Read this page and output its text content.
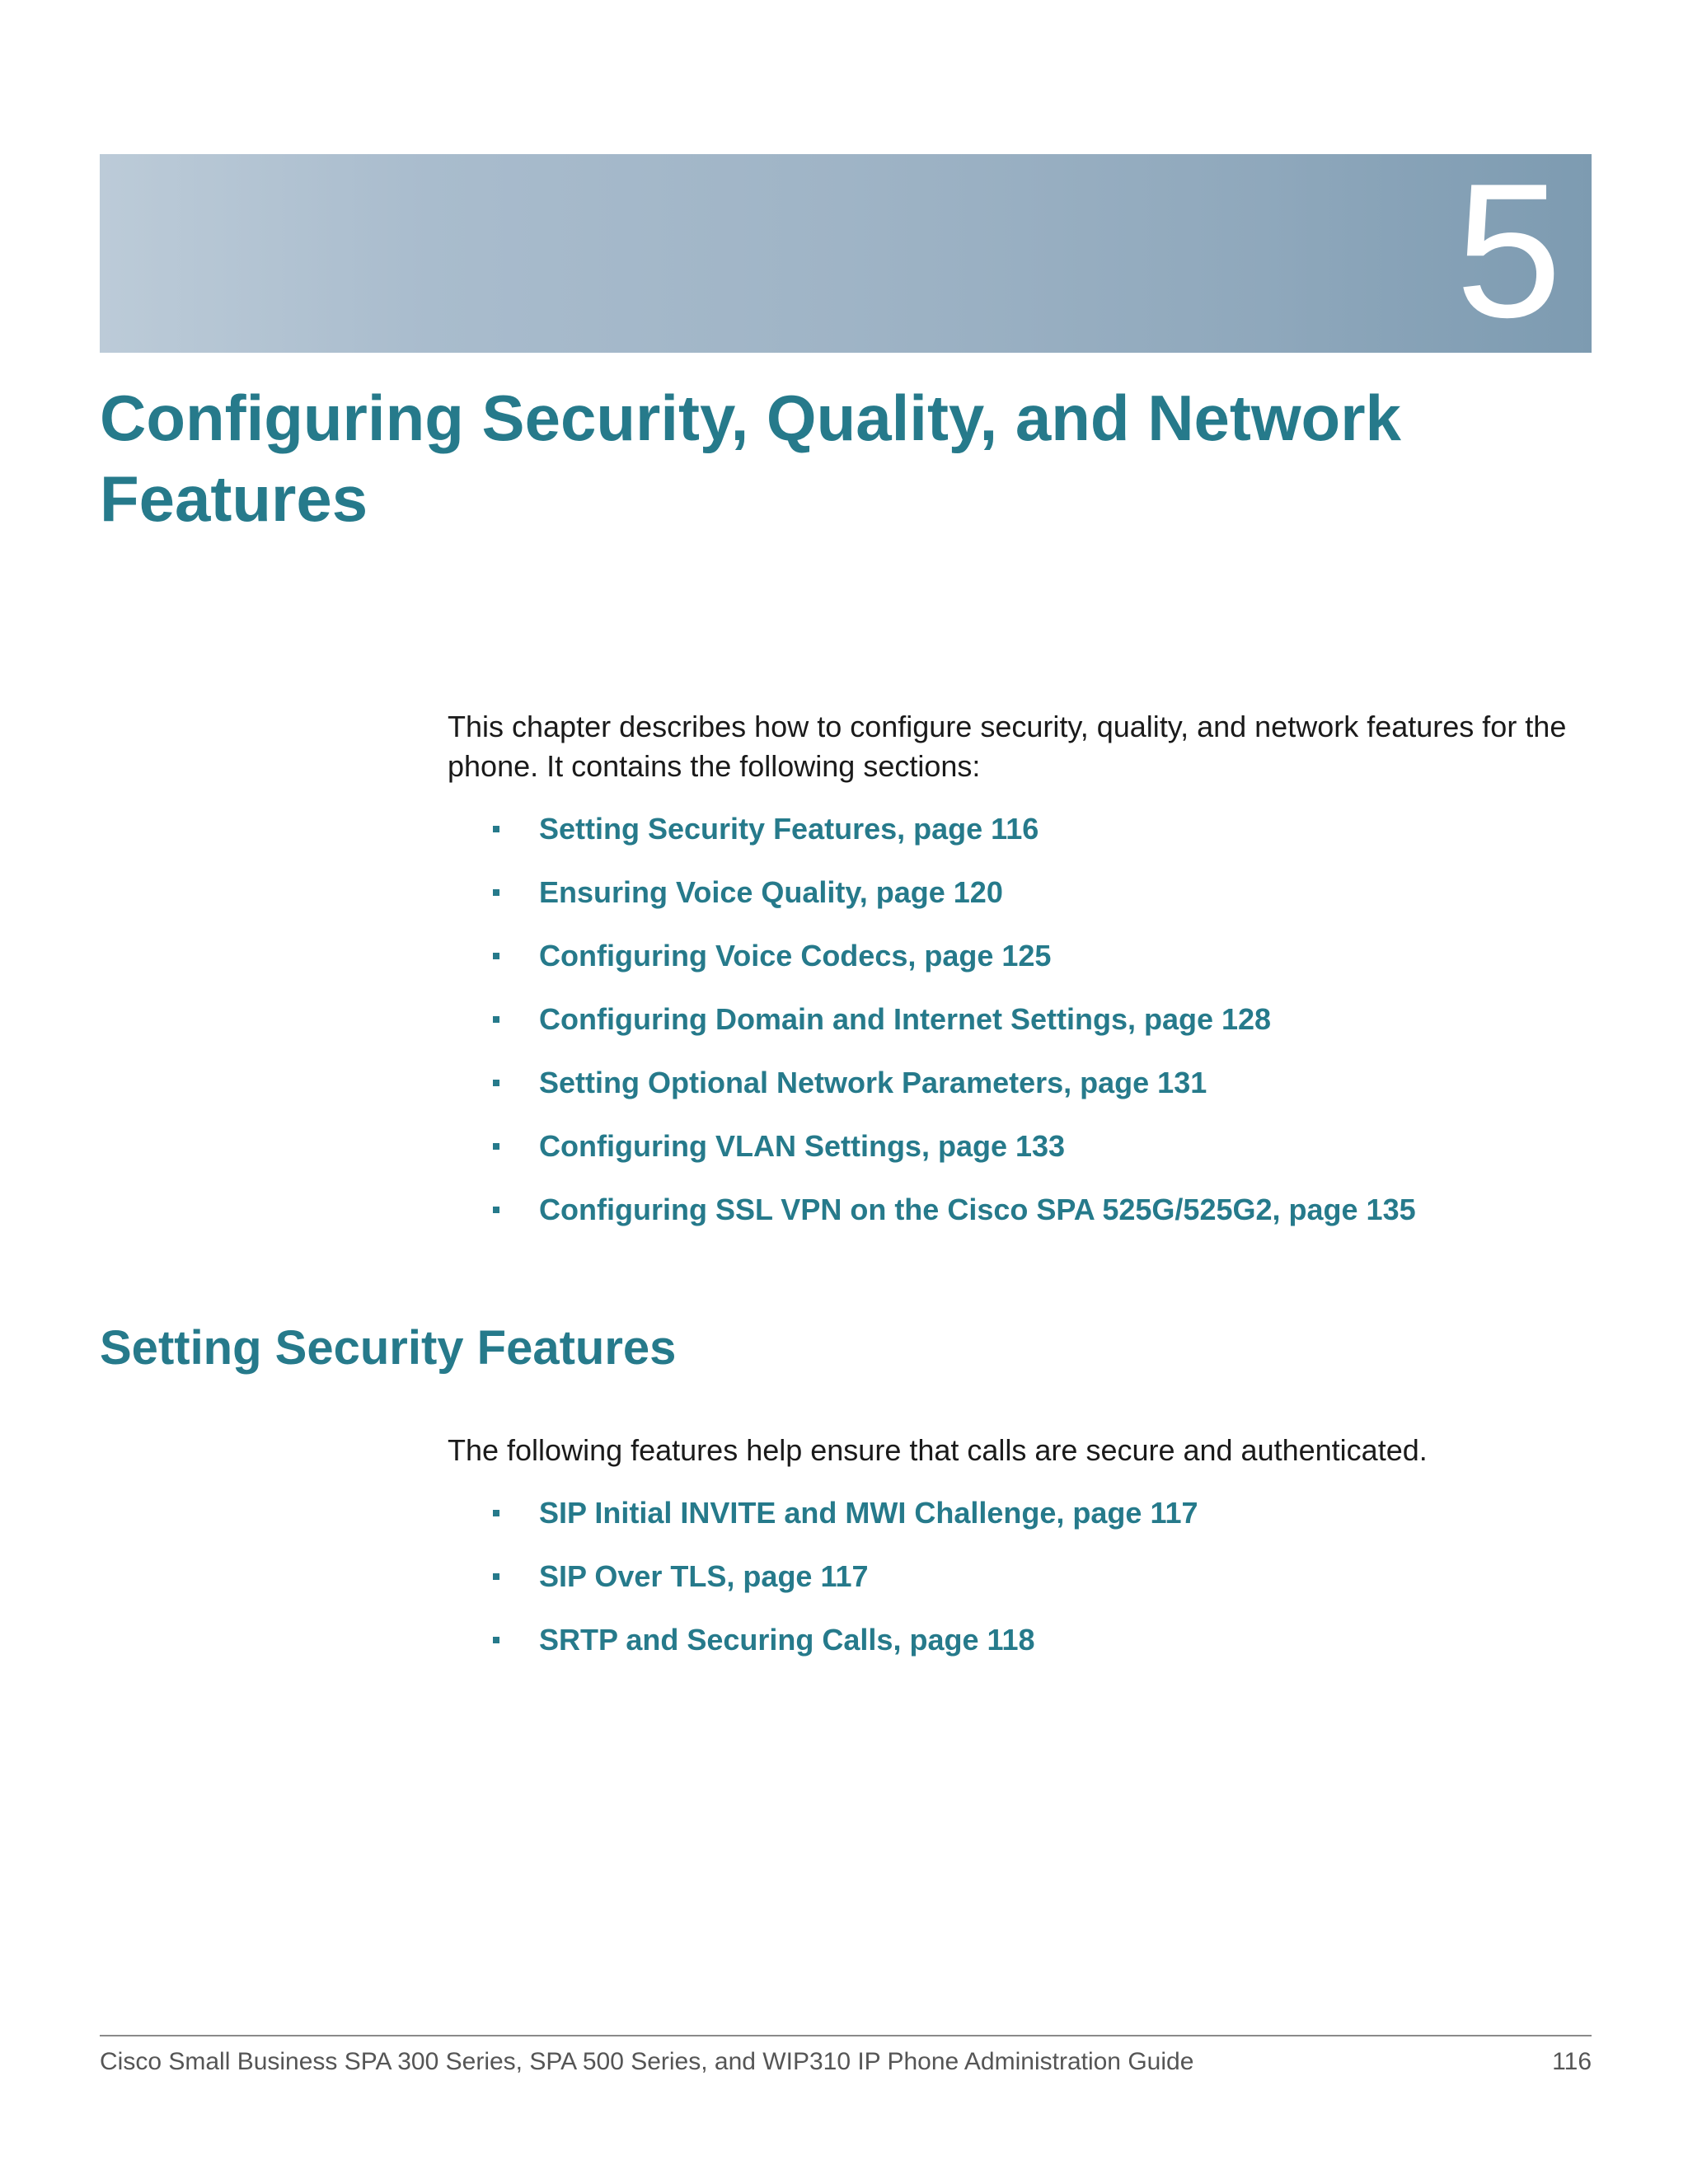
5
Configuring Security, Quality, and Network Features

This chapter describes how to configure security, quality, and network features for the phone. It contains the following sections:

Setting Security Features, page 116
Ensuring Voice Quality, page 120
Configuring Voice Codecs, page 125
Configuring Domain and Internet Settings, page 128
Setting Optional Network Parameters, page 131
Configuring VLAN Settings, page 133
Configuring SSL VPN on the Cisco SPA 525G/525G2, page 135
Setting Security Features

The following features help ensure that calls are secure and authenticated.

SIP Initial INVITE and MWI Challenge, page 117
SIP Over TLS, page 117
SRTP and Securing Calls, page 118
Cisco Small Business SPA 300 Series, SPA 500 Series, and WIP310 IP Phone Administration Guide	116
